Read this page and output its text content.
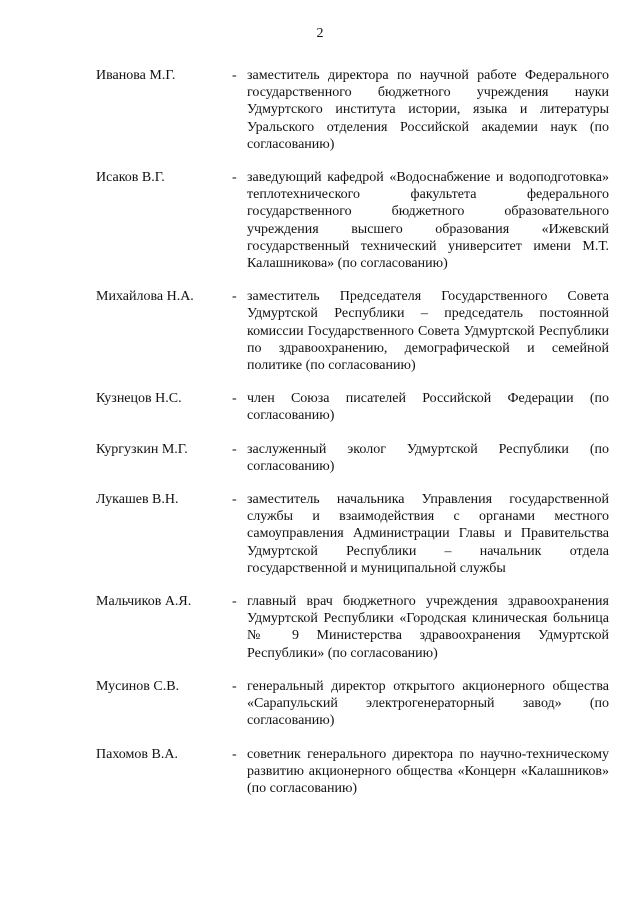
2
Иванова М.Г.	- заместитель директора по научной работе Федерального государственного бюджетного учреждения науки Удмуртского института истории, языка и литературы Уральского отделения Российской академии наук (по согласованию)
Исаков В.Г.	- заведующий кафедрой «Водоснабжение и водоподготовка» теплотехнического факультета федерального государственного бюджетного образовательного учреждения высшего образования «Ижевский государственный технический университет имени М.Т. Калашникова» (по согласованию)
Михайлова Н.А.	- заместитель Председателя Государственного Совета Удмуртской Республики – председатель постоянной комиссии Государственного Совета Удмуртской Республики по здравоохранению, демографической и семейной политике (по согласованию)
Кузнецов Н.С.	- член Союза писателей Российской Федерации (по согласованию)
Кургузкин М.Г.	- заслуженный эколог Удмуртской Республики (по согласованию)
Лукашев В.Н.	- заместитель начальника Управления государственной службы и взаимодействия с органами местного самоуправления Администрации Главы и Правительства Удмуртской Республики – начальник отдела государственной и муниципальной службы
Мальчиков А.Я.	- главный врач бюджетного учреждения здравоохранения Удмуртской Республики «Городская клиническая больница № 9 Министерства здравоохранения Удмуртской Республики» (по согласованию)
Мусинов С.В.	- генеральный директор открытого акционерного общества «Сарапульский электрогенераторный завод» (по согласованию)
Пахомов В.А.	- советник генерального директора по научно-техническому развитию акционерного общества «Концерн «Калашников» (по согласованию)
